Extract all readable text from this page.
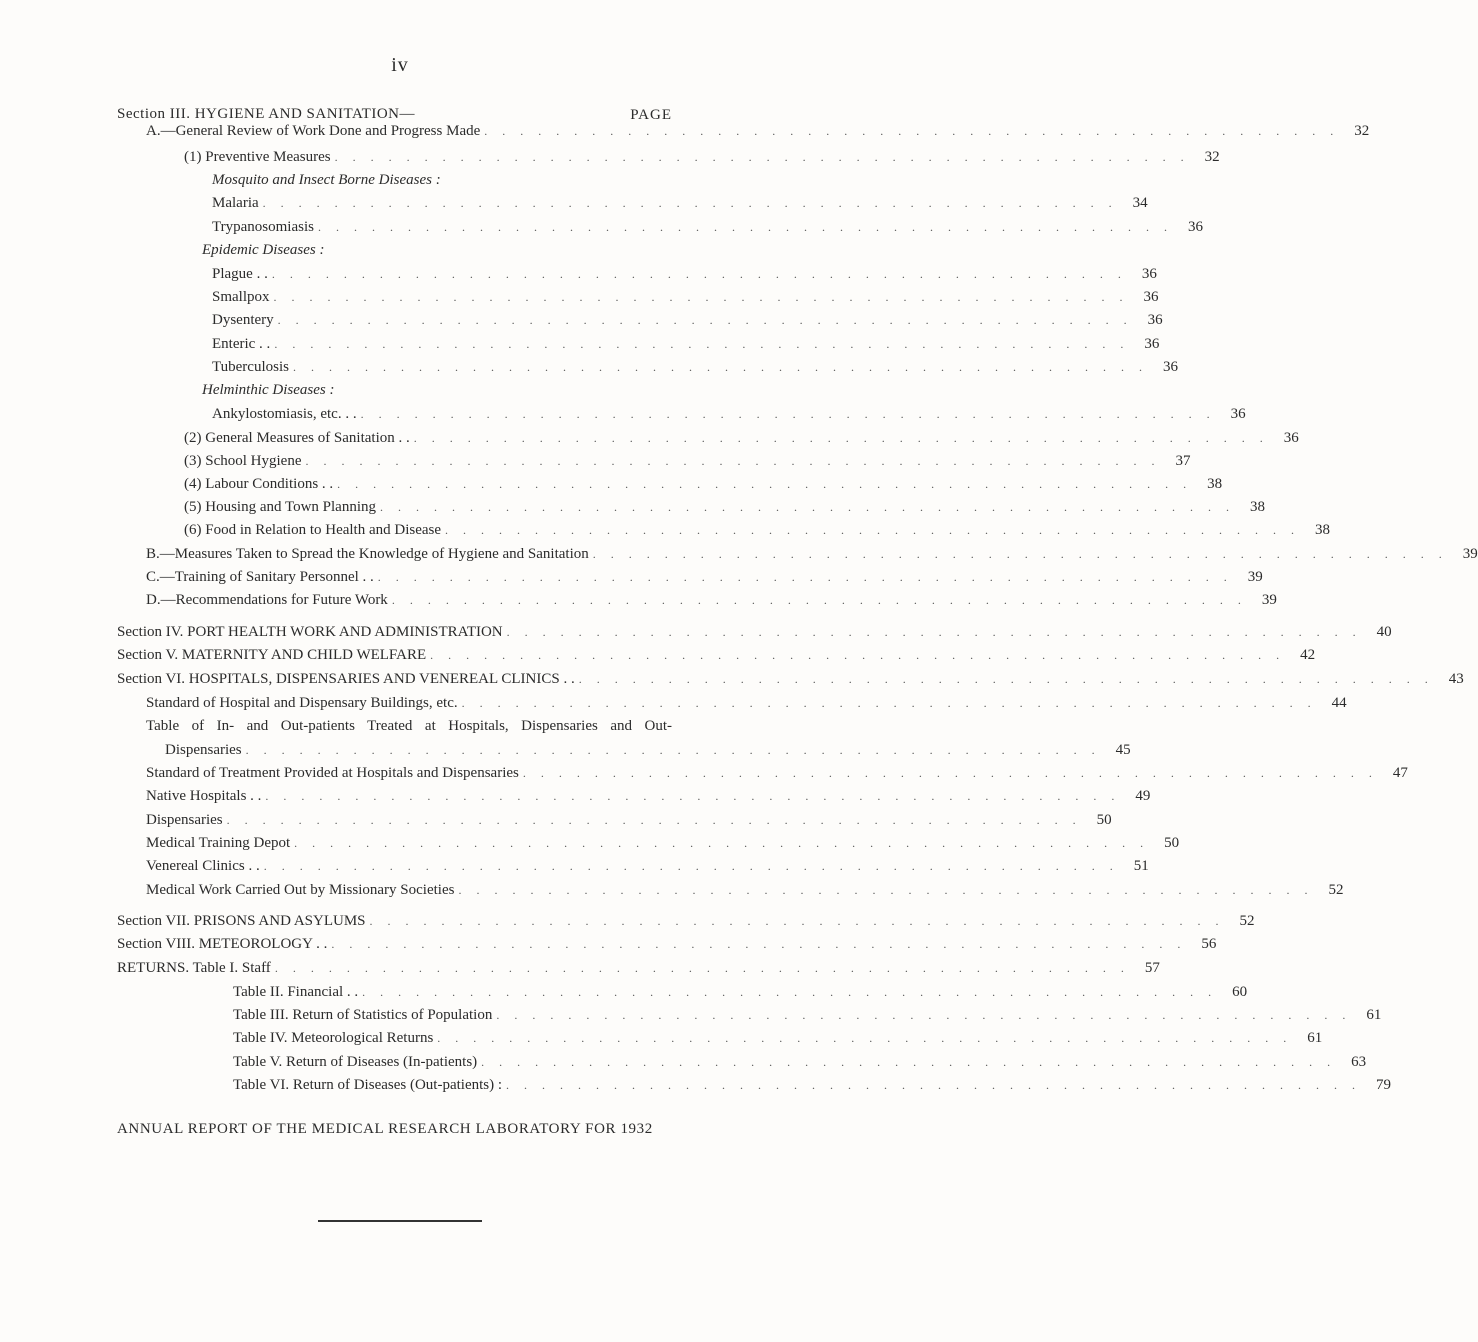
iv
Section III. HYGIENE AND SANITATION—	PAGE
A.—General Review of Work Done and Progress Made . . . . . . . . . . . . . . . . . . . . . . . . . . . . . . . . . . . . . . . . . . . . . . . .	32
(1) Preventive Measures . . . . . . . . . . . . . . . . . . . . . . . . . . . . . . . . . . . . . . . . . . . . . . . .	32
Mosquito and Insect Borne Diseases :
Malaria . . . . . . . . . . . . . . . . . . . . . . . . . . . . . . . . . . . . . . . . . . . . . . . .	34
Trypanosomiasis . . . . . . . . . . . . . . . . . . . . . . . . . . . . . . . . . . . . . . . . . . . . . . . .	36
Epidemic Diseases :
Plague . . . . . . . . . . . . . . . . . . . . . . . . . . . . . . . . . . . . . . . . . . . . . . . . . .	36
Smallpox . . . . . . . . . . . . . . . . . . . . . . . . . . . . . . . . . . . . . . . . . . . . . . . .	36
Dysentery . . . . . . . . . . . . . . . . . . . . . . . . . . . . . . . . . . . . . . . . . . . . . . . .	36
Enteric . . . . . . . . . . . . . . . . . . . . . . . . . . . . . . . . . . . . . . . . . . . . . . . . . .	36
Tuberculosis . . . . . . . . . . . . . . . . . . . . . . . . . . . . . . . . . . . . . . . . . . . . . . . .	36
Helminthic Diseases :
Ankylostomiasis, etc. . . . . . . . . . . . . . . . . . . . . . . . . . . . . . . . . . . . . . . . . . . . . . . . . . .	36
(2) General Measures of Sanitation . . . . . . . . . . . . . . . . . . . . . . . . . . . . . . . . . . . . . . . . . . . . . . . . . .	36
(3) School Hygiene . . . . . . . . . . . . . . . . . . . . . . . . . . . . . . . . . . . . . . . . . . . . . . . .	37
(4) Labour Conditions . . . . . . . . . . . . . . . . . . . . . . . . . . . . . . . . . . . . . . . . . . . . . . . . . .	38
(5) Housing and Town Planning . . . . . . . . . . . . . . . . . . . . . . . . . . . . . . . . . . . . . . . . . . . . . . . .	38
(6) Food in Relation to Health and Disease . . . . . . . . . . . . . . . . . . . . . . . . . . . . . . . . . . . . . . . . . . . . . . . .	38
B.—Measures Taken to Spread the Knowledge of Hygiene and Sanitation . . . . . . . . . . . . . . . . . . . . . . . . . . . . . . . . . . . . . . . . . . . . . . . .	39
C.—Training of Sanitary Personnel . . . . . . . . . . . . . . . . . . . . . . . . . . . . . . . . . . . . . . . . . . . . . . . . . .	39
D.—Recommendations for Future Work . . . . . . . . . . . . . . . . . . . . . . . . . . . . . . . . . . . . . . . . . . . . . . . .	39
Section IV. PORT HEALTH WORK AND ADMINISTRATION . . . . . . . . . . . . . . . . . . . . . . . . . . . . . . . . . . . . . . . . . . . . . . . .	40
Section V. MATERNITY AND CHILD WELFARE . . . . . . . . . . . . . . . . . . . . . . . . . . . . . . . . . . . . . . . . . . . . . . . .	42
Section VI. HOSPITALS, DISPENSARIES AND VENEREAL CLINICS . . . . . . . . . . . . . . . . . . . . . . . . . . . . . . . . . . . . . . . . . . . . . . . . . .	43
Standard of Hospital and Dispensary Buildings, etc. . . . . . . . . . . . . . . . . . . . . . . . . . . . . . . . . . . . . . . . . . . . . . . . .	44
Table of In- and Out-patients Treated at Hospitals, Dispensaries and Out-
Dispensaries . . . . . . . . . . . . . . . . . . . . . . . . . . . . . . . . . . . . . . . . . . . . . . . .	45
Standard of Treatment Provided at Hospitals and Dispensaries . . . . . . . . . . . . . . . . . . . . . . . . . . . . . . . . . . . . . . . . . . . . . . . .	47
Native Hospitals . . . . . . . . . . . . . . . . . . . . . . . . . . . . . . . . . . . . . . . . . . . . . . . . . .	49
Dispensaries . . . . . . . . . . . . . . . . . . . . . . . . . . . . . . . . . . . . . . . . . . . . . . . .	50
Medical Training Depot . . . . . . . . . . . . . . . . . . . . . . . . . . . . . . . . . . . . . . . . . . . . . . . .	50
Venereal Clinics . . . . . . . . . . . . . . . . . . . . . . . . . . . . . . . . . . . . . . . . . . . . . . . . . .	51
Medical Work Carried Out by Missionary Societies . . . . . . . . . . . . . . . . . . . . . . . . . . . . . . . . . . . . . . . . . . . . . . . .	52
Section VII. PRISONS AND ASYLUMS . . . . . . . . . . . . . . . . . . . . . . . . . . . . . . . . . . . . . . . . . . . . . . . .	52
Section VIII. METEOROLOGY . . . . . . . . . . . . . . . . . . . . . . . . . . . . . . . . . . . . . . . . . . . . . . . . . .	56
RETURNS. Table I. Staff . . . . . . . . . . . . . . . . . . . . . . . . . . . . . . . . . . . . . . . . . . . . . . . .	57
Table II. Financial . . . . . . . . . . . . . . . . . . . . . . . . . . . . . . . . . . . . . . . . . . . . . . . . . .	60
Table III. Return of Statistics of Population . . . . . . . . . . . . . . . . . . . . . . . . . . . . . . . . . . . . . . . . . . . . . . . .	61
Table IV. Meteorological Returns . . . . . . . . . . . . . . . . . . . . . . . . . . . . . . . . . . . . . . . . . . . . . . . .	61
Table V. Return of Diseases (In-patients) . . . . . . . . . . . . . . . . . . . . . . . . . . . . . . . . . . . . . . . . . . . . . . . .	63
Table VI. Return of Diseases (Out-patients) : . . . . . . . . . . . . . . . . . . . . . . . . . . . . . . . . . . . . . . . . . . . . . . . .	79
ANNUAL REPORT OF THE MEDICAL RESEARCH LABORATORY FOR 1932
